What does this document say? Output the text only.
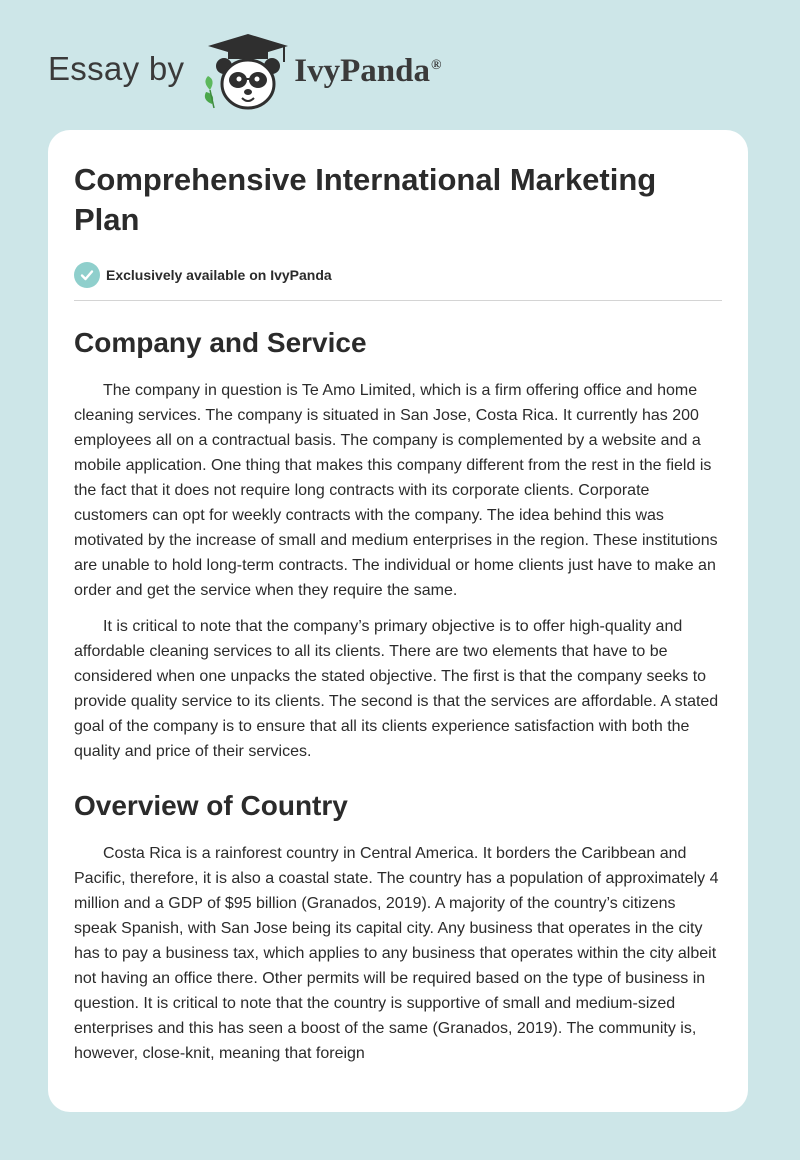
Essay by	IvyPanda®
Comprehensive International Marketing Plan
Exclusively available on IvyPanda
Company and Service

The company in question is Te Amo Limited, which is a firm offering office and home cleaning services. The company is situated in San Jose, Costa Rica. It currently has 200 employees all on a contractual basis. The company is complemented by a website and a mobile application. One thing that makes this company different from the rest in the field is the fact that it does not require long contracts with its corporate clients. Corporate customers can opt for weekly contracts with the company. The idea behind this was motivated by the increase of small and medium enterprises in the region. These institutions are unable to hold long-term contracts. The individual or home clients just have to make an order and get the service when they require the same.

It is critical to note that the company’s primary objective is to offer high-quality and affordable cleaning services to all its clients. There are two elements that have to be considered when one unpacks the stated objective. The first is that the company seeks to provide quality service to its clients. The second is that the services are affordable. A stated goal of the company is to ensure that all its clients experience satisfaction with both the quality and price of their services.

Overview of Country

Costa Rica is a rainforest country in Central America. It borders the Caribbean and Pacific, therefore, it is also a coastal state. The country has a population of approximately 4 million and a GDP of $95 billion (Granados, 2019). A majority of the country’s citizens speak Spanish, with San Jose being its capital city. Any business that operates in the city has to pay a business tax, which applies to any business that operates within the city albeit not having an office there. Other permits will be required based on the type of business in question. It is critical to note that the country is supportive of small and medium-sized enterprises and this has seen a boost of the same (Granados, 2019). The community is, however, close-knit, meaning that foreign
